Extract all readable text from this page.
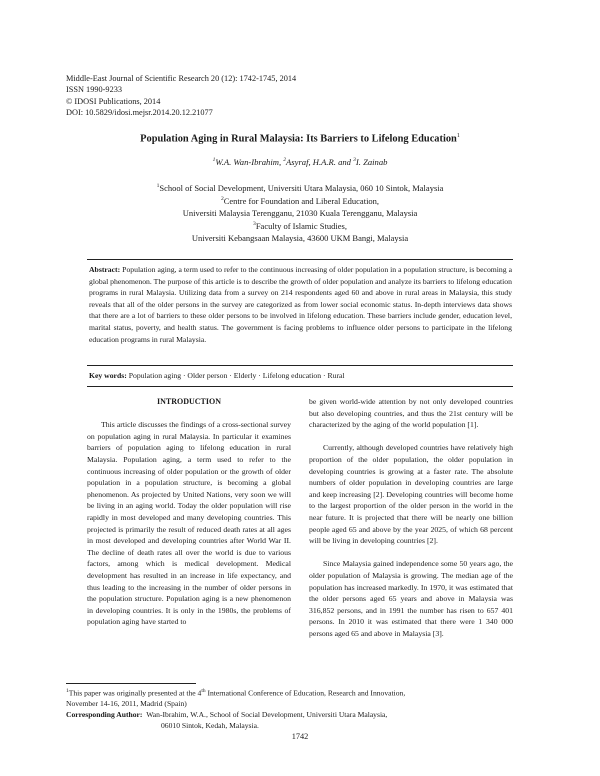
Middle-East Journal of Scientific Research 20 (12): 1742-1745, 2014
ISSN 1990-9233
© IDOSI Publications, 2014
DOI: 10.5829/idosi.mejsr.2014.20.12.21077
Population Aging in Rural Malaysia: Its Barriers to Lifelong Education$^1$
$^1$W.A. Wan-Ibrahim, $^2$Asyraf, H.A.R. and $^3$I. Zainab
$^1$School of Social Development, Universiti Utara Malaysia, 060 10 Sintok, Malaysia
$^2$Centre for Foundation and Liberal Education,
Universiti Malaysia Terengganu, 21030 Kuala Terengganu, Malaysia
$^3$Faculty of Islamic Studies,
Universiti Kebangsaan Malaysia, 43600 UKM Bangi, Malaysia
Abstract: Population aging, a term used to refer to the continuous increasing of older population in a population structure, is becoming a global phenomenon. The purpose of this article is to describe the growth of older population and analyze its barriers to lifelong education programs in rural Malaysia. Utilizing data from a survey on 214 respondents aged 60 and above in rural areas in Malaysia, this study reveals that all of the older persons in the survey are categorized as from lower social economic status. In-depth interviews data shows that there are a lot of barriers to these older persons to be involved in lifelong education. These barriers include gender, education level, marital status, poverty, and health status. The government is facing problems to influence older persons to participate in the lifelong education programs in rural Malaysia.
Key words: Population aging · Older person · Elderly · Lifelong education · Rural

INTRODUCTION

This article discusses the findings of a cross-sectional survey on population aging in rural Malaysia. In particular it examines barriers of population aging to lifelong education in rural Malaysia. Population aging, a term used to refer to the continuous increasing of older population or the growth of older population in a population structure, is becoming a global phenomenon. As projected by United Nations, very soon we will be living in an aging world. Today the older population will rise rapidly in most developed and many developing countries. This projected is primarily the result of reduced death rates at all ages in most developed and developing countries after World War II. The decline of death rates all over the world is due to various factors, among which is medical development. Medical development has resulted in an increase in life expectancy, and thus leading to the increasing in the number of older persons in the population structure. Population aging is a new phenomenon in developing countries. It is only in the 1980s, the problems of population aging have started to

be given world-wide attention by not only developed countries but also developing countries, and thus the 21st century will be characterized by the aging of the world population [1].

Currently, although developed countries have relatively high proportion of the older population, the older population in developing countries is growing at a faster rate. The absolute numbers of older population in developing countries are large and keep increasing [2]. Developing countries will become home to the largest proportion of the older person in the world in the near future. It is projected that there will be nearly one billion people aged 65 and above by the year 2025, of which 68 percent will be living in developing countries [2].

Since Malaysia gained independence some 50 years ago, the older population of Malaysia is growing. The median age of the population has increased markedly. In 1970, it was estimated that the older persons aged 65 years and above in Malaysia was 316,852 persons, and in 1991 the number has risen to 657 401 persons. In 2010 it was estimated that there were 1 340 000 persons aged 65 and above in Malaysia [3].

$^1$This paper was originally presented at the 4th International Conference of Education, Research and Innovation,
November 14-16, 2011, Madrid (Spain)
Corresponding Author: Wan-Ibrahim, W.A., School of Social Development, Universiti Utara Malaysia,
06010 Sintok, Kedah, Malaysia.
1742
